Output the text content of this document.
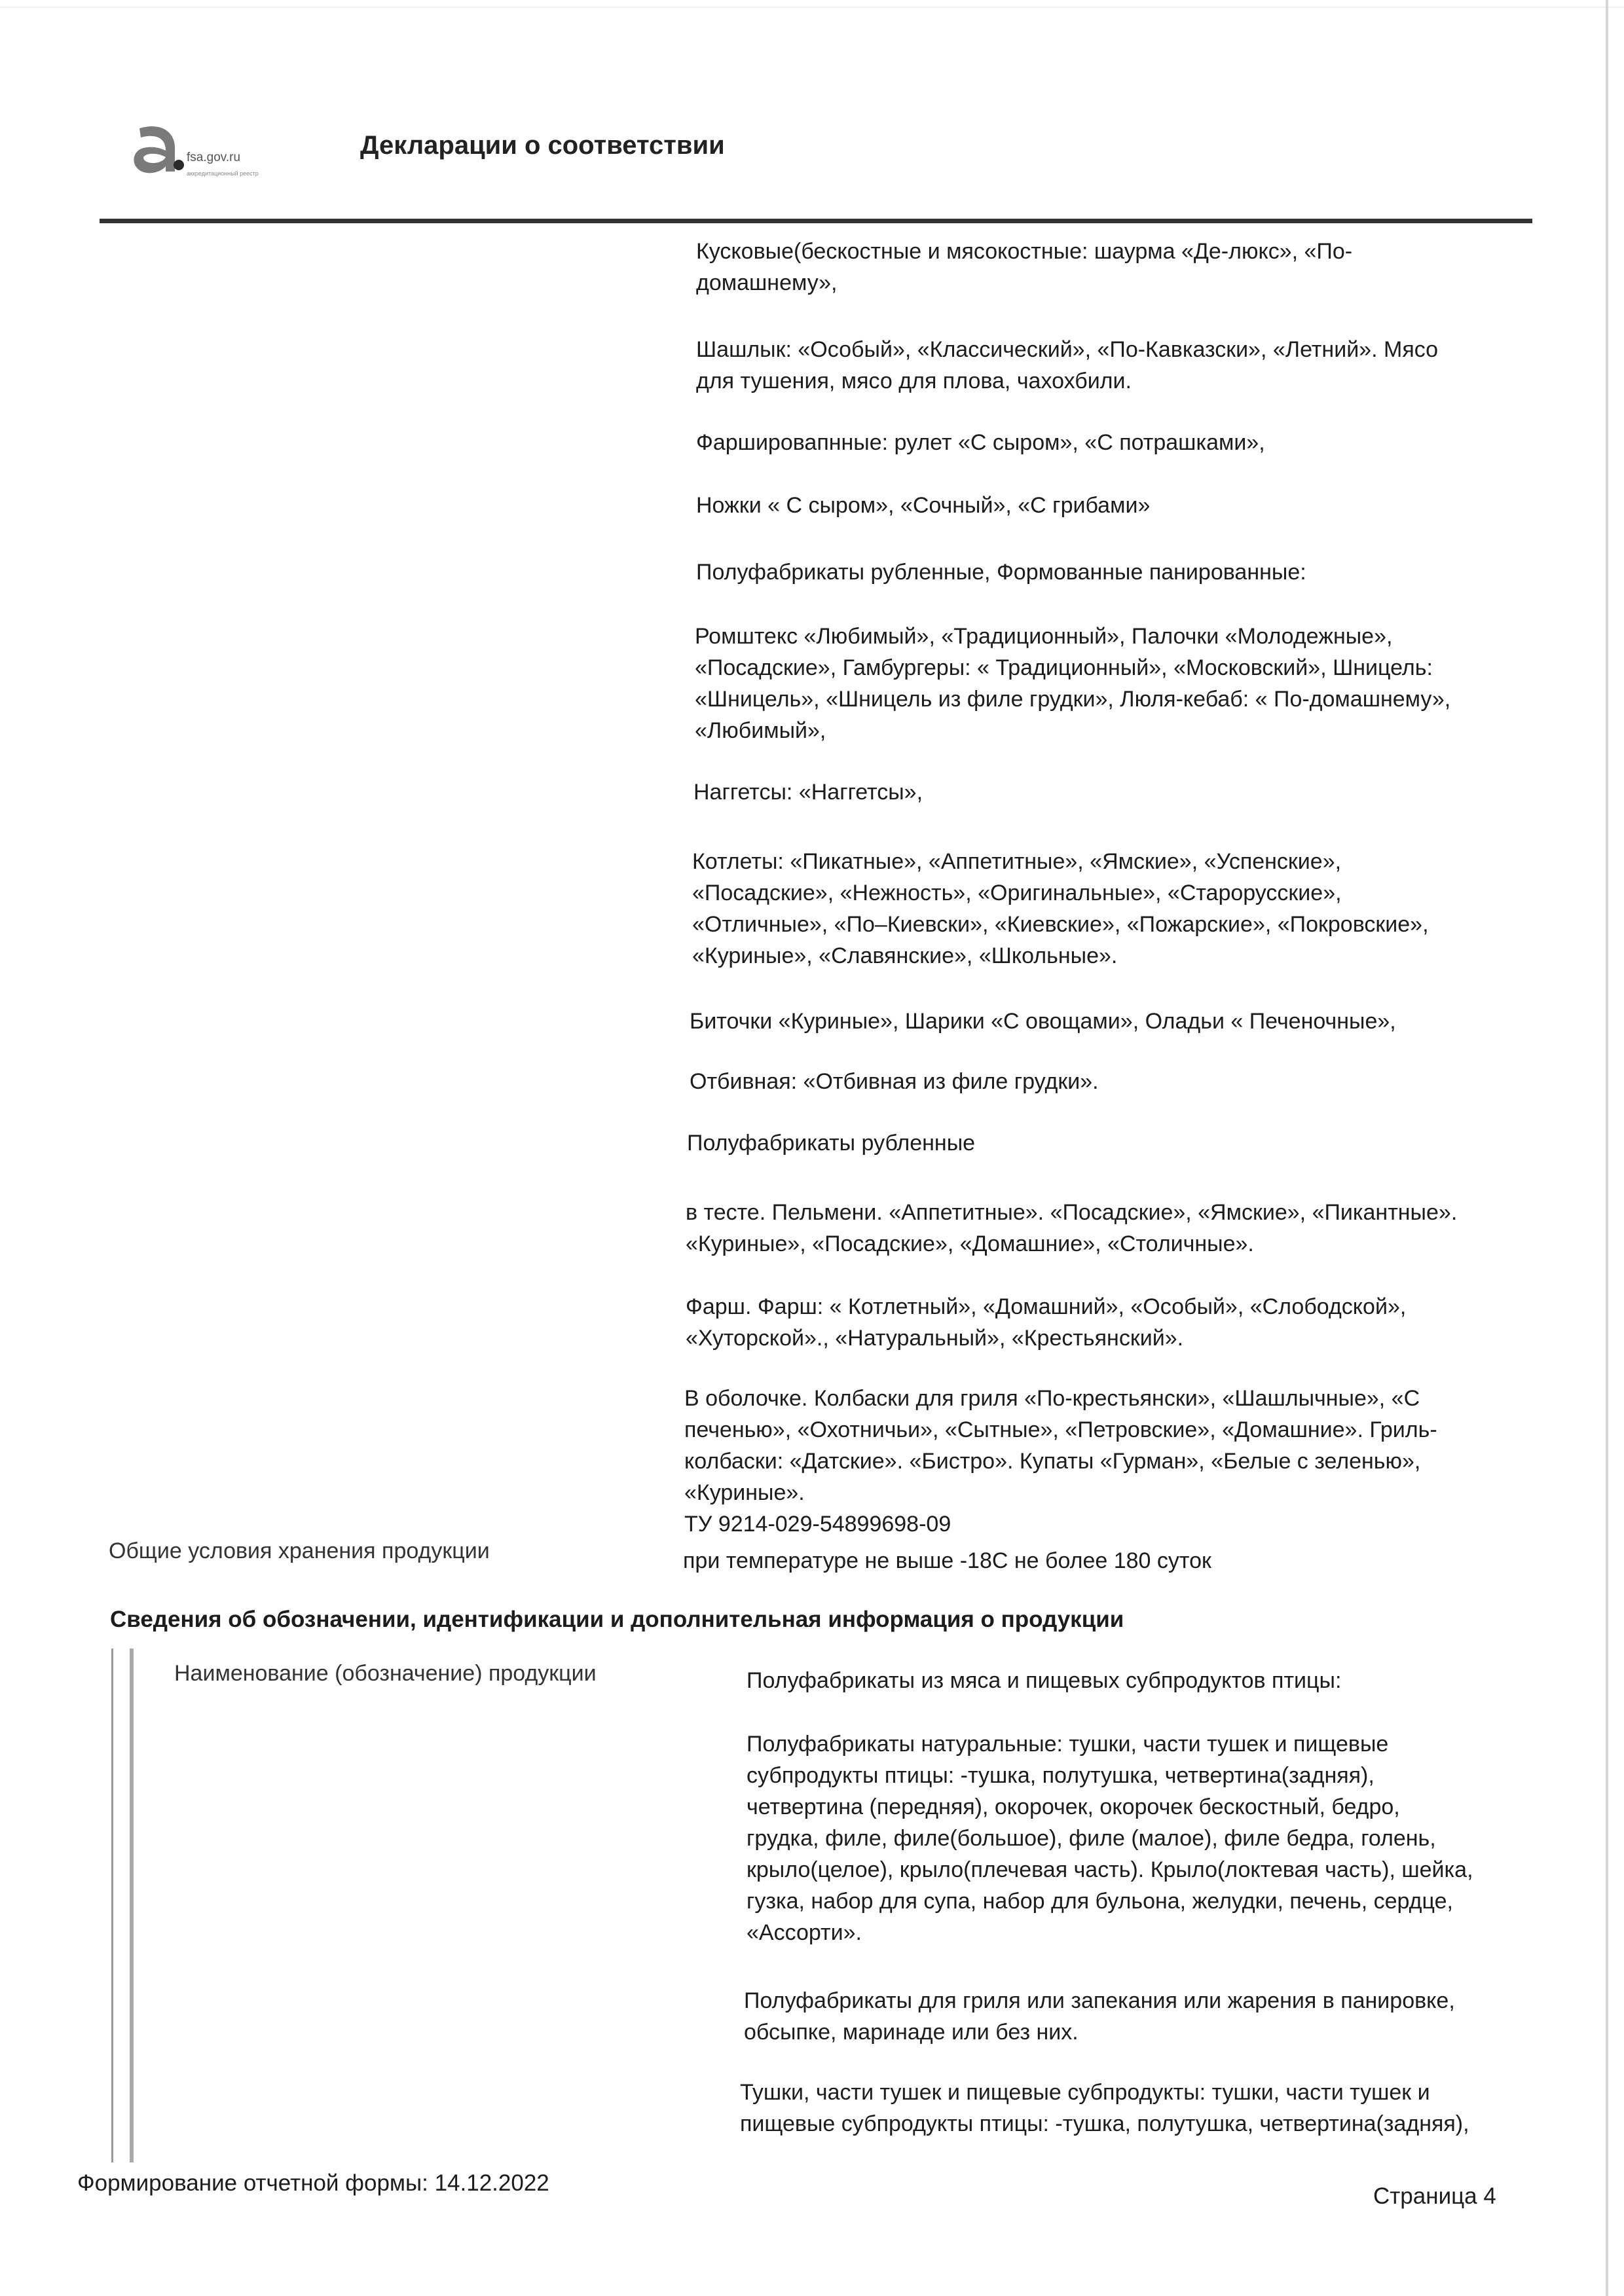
fsa.gov.ru
аккредитационный реестр
Декларации о соответствии

Кусковые(бескостные и мясокостные: шаурма «Де-люкс», «По-
домашнему»,

Шашлык: «Особый», «Классический», «По-Кавказски», «Летний». Мясо
для тушения, мясо для плова, чахохбили.

Фаршировапнные: рулет «С сыром», «С потрашками»,

Ножки « С сыром», «Сочный», «С грибами»

Полуфабрикаты рубленные, Формованные панированные:

Ромштекс «Любимый», «Традиционный», Палочки «Молодежные»,
«Посадские», Гамбургеры: « Традиционный», «Московский», Шницель:
«Шницель», «Шницель из филе грудки», Люля-кебаб: « По-домашнему»,
«Любимый»,

Наггетсы: «Наггетсы»,

Котлеты: «Пикатные», «Аппетитные», «Ямские», «Успенские»,
«Посадские», «Нежность», «Оригинальные», «Старорусские»,
«Отличные», «По–Киевски», «Киевские», «Пожарские», «Покровские»,
«Куриные», «Славянские», «Школьные».

Биточки «Куриные», Шарики «С овощами», Оладьи « Печеночные»,

Отбивная: «Отбивная из филе грудки».

Полуфабрикаты рубленные

в тесте. Пельмени. «Аппетитные». «Посадские», «Ямские», «Пикантные».
«Куриные», «Посадские», «Домашние», «Столичные».

Фарш. Фарш: « Котлетный», «Домашний», «Особый», «Слободской»,
«Хуторской»., «Натуральный», «Крестьянский».

В оболочке. Колбаски для гриля «По-крестьянски», «Шашлычные», «С
печенью», «Охотничьи», «Сытные», «Петровские», «Домашние». Гриль-
колбаски: «Датские». «Бистро». Купаты «Гурман», «Белые с зеленью»,
«Куриные».
ТУ 9214-029-54899698-09

Общие условия хранения продукции	при температуре не выше -18С не более 180 суток
Сведения об обозначении, идентификации и дополнительная информация о продукции
Наименование (обозначение) продукции	Полуфабрикаты из мяса и пищевых субпродуктов птицы:

Полуфабрикаты натуральные: тушки, части тушек и пищевые
субпродукты птицы: -тушка, полутушка, четвертина(задняя),
четвертина (передняя), окорочек, окорочек бескостный, бедро,
грудка, филе, филе(большое), филе (малое), филе бедра, голень,
крыло(целое), крыло(плечевая часть). Крыло(локтевая часть), шейка,
гузка, набор для супа, набор для бульона, желудки, печень, сердце,
«Ассорти».

Полуфабрикаты для гриля или запекания или жарения в панировке,
обсыпке, маринаде или без них.

Тушки, части тушек и пищевые субпродукты: тушки, части тушек и
пищевые субпродукты птицы: -тушка, полутушка, четвертина(задняя),

Формирование отчетной формы: 14.12.2022
Страница 4
